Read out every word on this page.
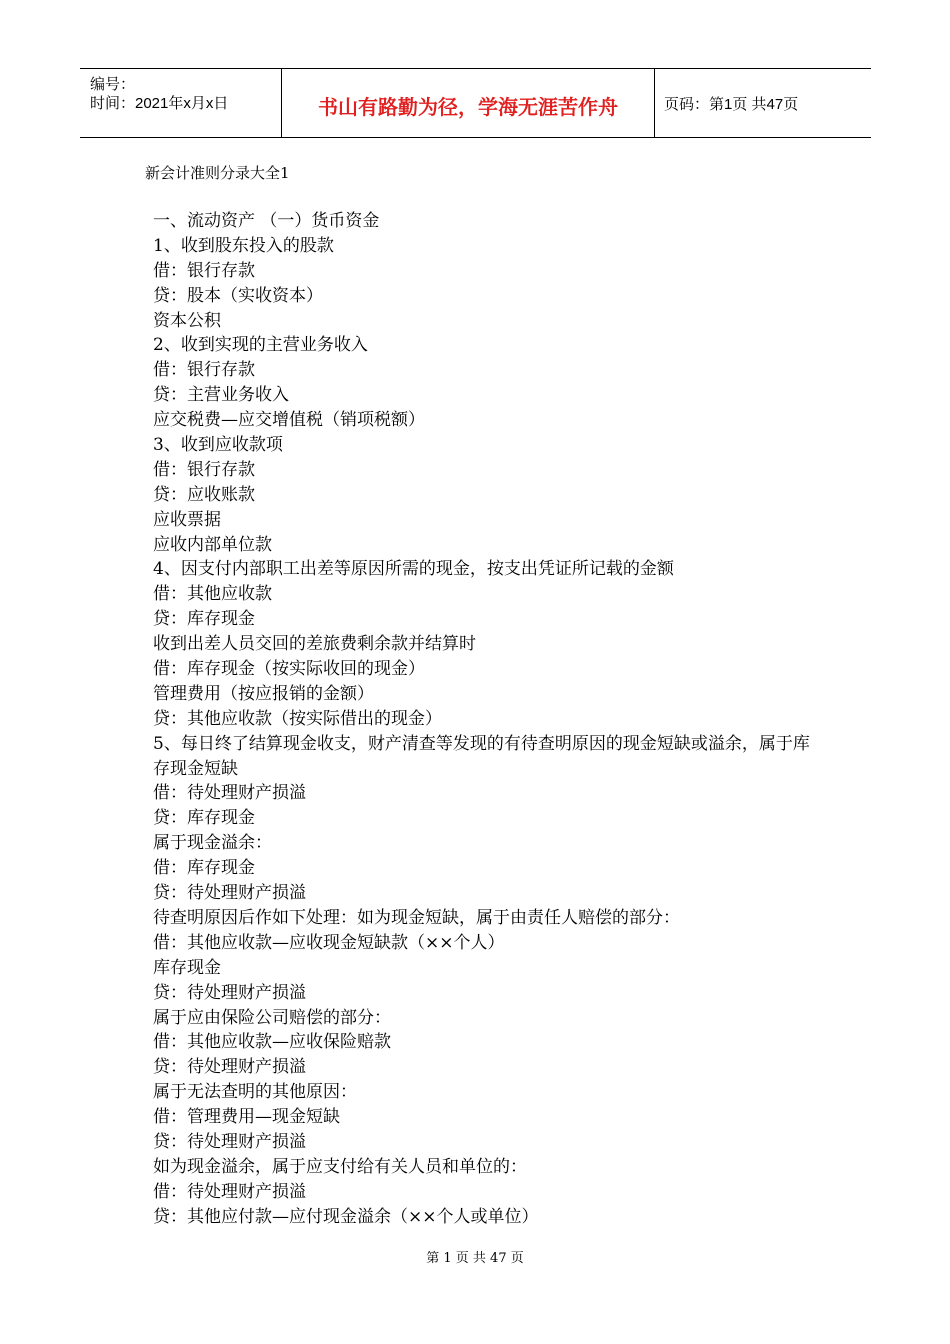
编号：
时间：2021年x月x日	书山有路勤为径，学海无涯苦作舟	页码：第1页 共47页
新会计准则分录大全1
一、流动资产 （一）货币资金
1、收到股东投入的股款
借：银行存款
贷：股本（实收资本）
资本公积
2、收到实现的主营业务收入
借：银行存款
贷：主营业务收入
应交税费—应交增值税（销项税额）
3、收到应收款项
借：银行存款
贷：应收账款
应收票据
应收内部单位款
4、因支付内部职工出差等原因所需的现金，按支出凭证所记载的金额
借：其他应收款
贷：库存现金
收到出差人员交回的差旅费剩余款并结算时
借：库存现金（按实际收回的现金）
管理费用（按应报销的金额）
贷：其他应收款（按实际借出的现金）
5、每日终了结算现金收支，财产清查等发现的有待查明原因的现金短缺或溢余，属于库
存现金短缺
借：待处理财产损溢
贷：库存现金
属于现金溢余：
借：库存现金
贷：待处理财产损溢
待查明原因后作如下处理：如为现金短缺，属于由责任人赔偿的部分：
借：其他应收款—应收现金短缺款（××个人）
库存现金
贷：待处理财产损溢
属于应由保险公司赔偿的部分：
借：其他应收款—应收保险赔款
贷：待处理财产损溢
属于无法查明的其他原因：
借：管理费用—现金短缺
贷：待处理财产损溢
如为现金溢余，属于应支付给有关人员和单位的：
借：待处理财产损溢
贷：其他应付款—应付现金溢余（××个人或单位）
第 1 页 共 47 页
